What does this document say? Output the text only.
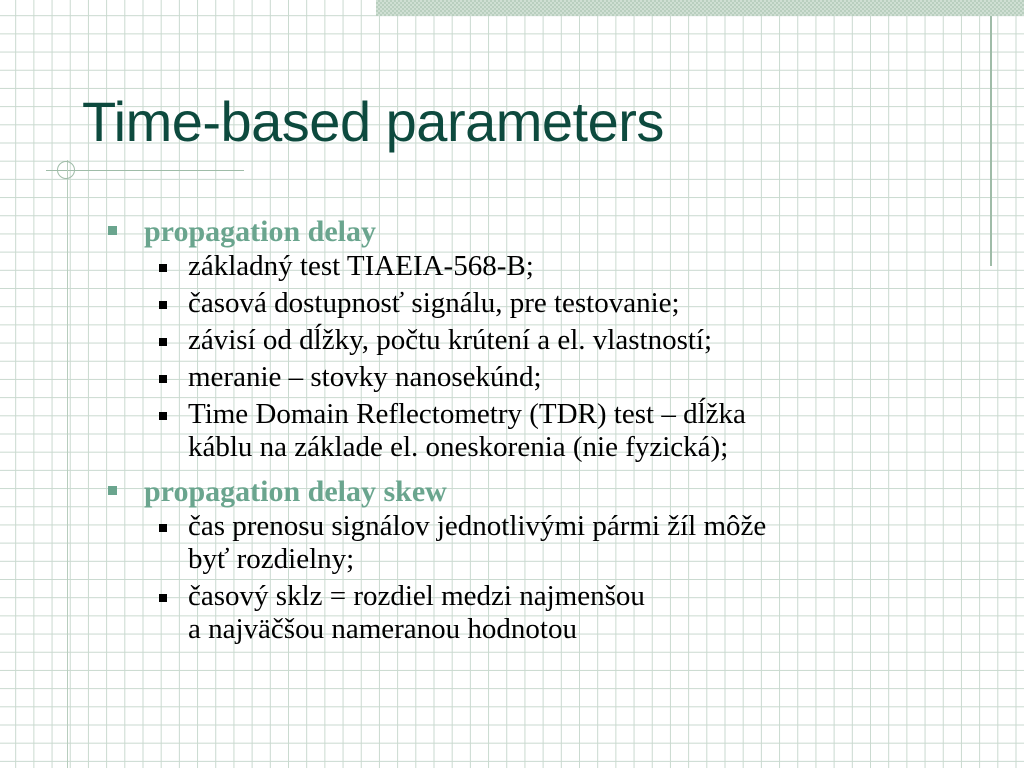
Time-based parameters
propagation delay
základný test TIAEIA-568-B;
časová dostupnosť signálu, pre testovanie;
závisí od dĺžky, počtu krútení a el. vlastností;
meranie – stovky nanosekúnd;
Time Domain Reflectometry (TDR) test – dĺžka
káblu na základe el. oneskorenia (nie fyzická);
propagation delay skew
čas prenosu signálov jednotlivými pármi žíl môže
byť rozdielny;
časový sklz = rozdiel medzi najmenšou
a najväčšou nameranou hodnotou
